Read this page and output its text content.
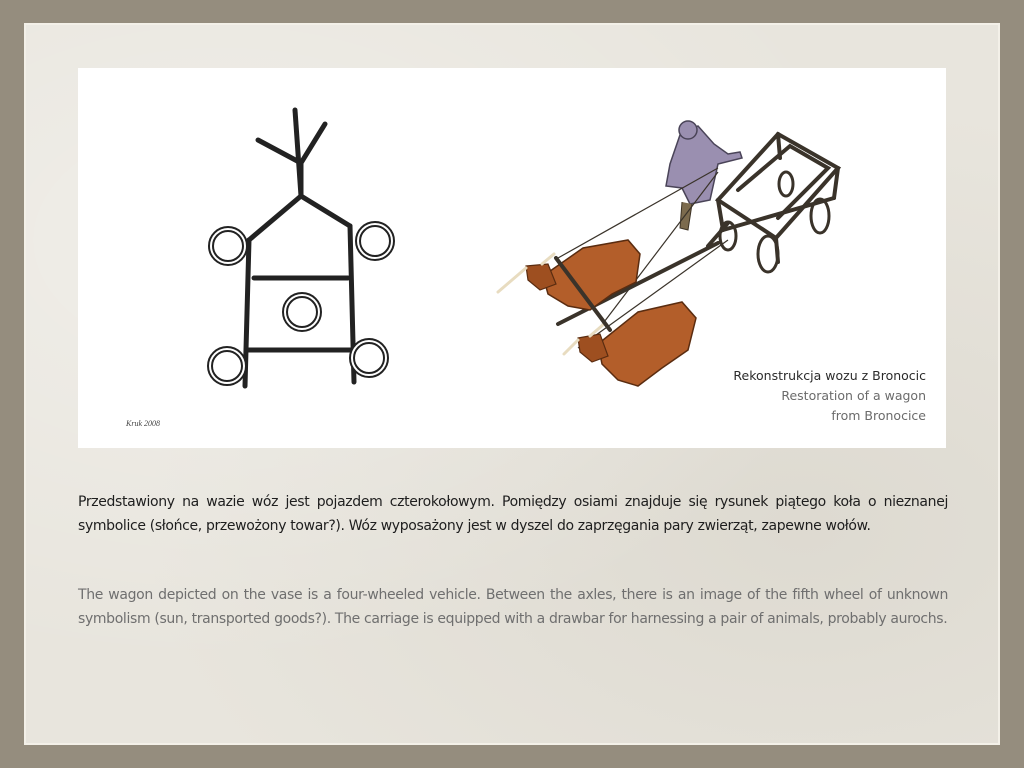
Kruk 2008
Rekonstrukcja wozu z Bronocic
Restoration of a wagon
from Bronocice

Przedstawiony na wazie wóz jest pojazdem czterokołowym. Pomiędzy osiami znajduje się rysunek piątego koła o nieznanej symbolice (słońce, przewożony towar?). Wóz wyposażony jest w dyszel do zaprzęgania pary zwierząt, zapewne wołów.

The wagon depicted on the vase is a four-wheeled vehicle. Between the axles, there is an image of the fifth wheel of unknown symbolism (sun, transported goods?). The carriage is equipped with a drawbar for harnessing a pair of animals, probably aurochs.
